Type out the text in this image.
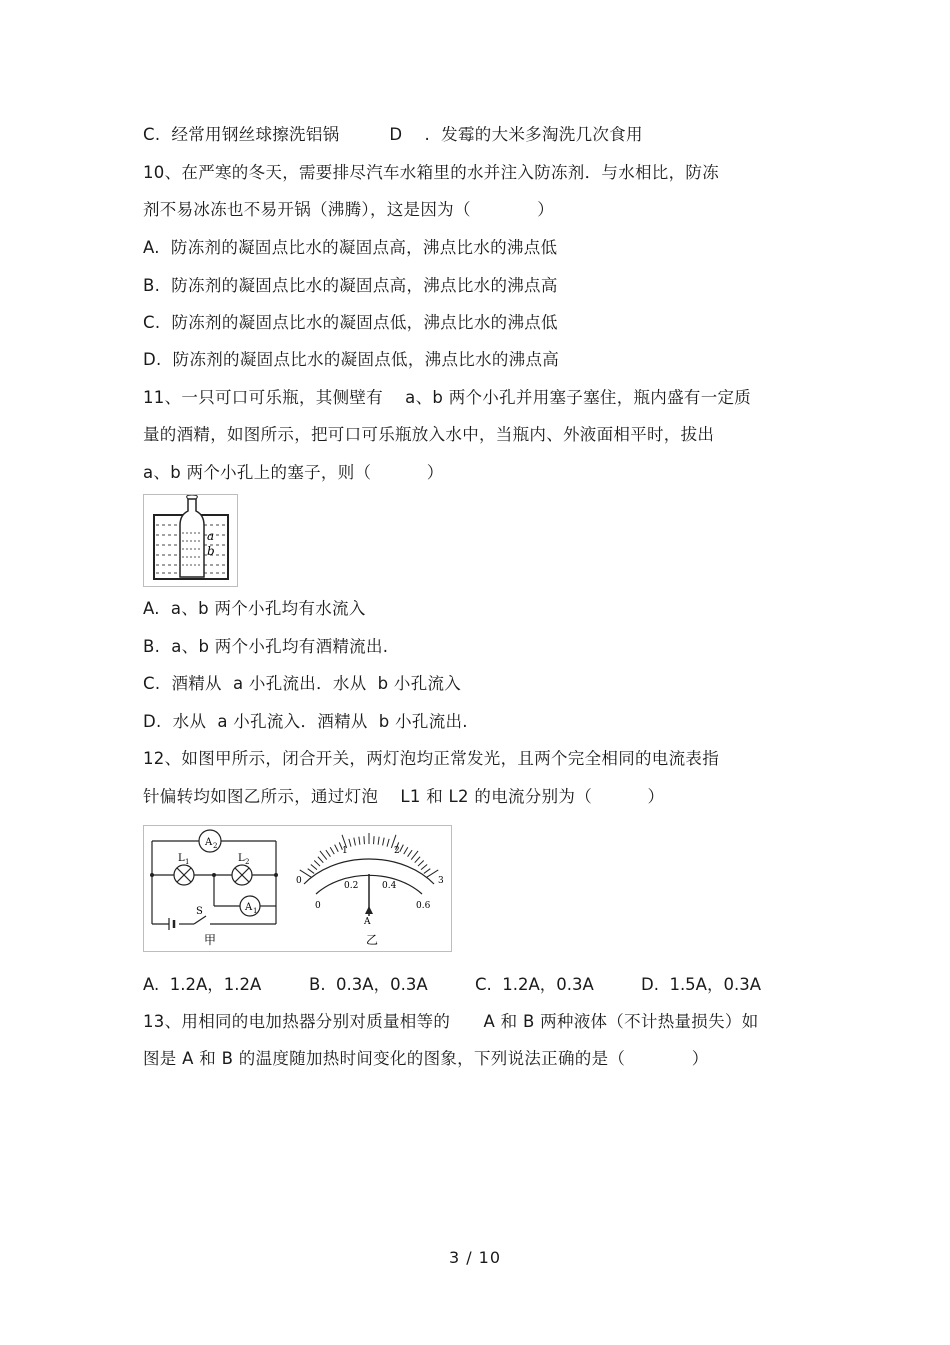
C.  经常用钢丝球擦洗铝锅         D    .  发霉的大米多淘洗几次食用
10、在严寒的冬天，需要排尽汽车水箱里的水并注入防冻剂．与水相比，防冻
剂不易冰冻也不易开锅（沸腾），这是因为（            ）
A.  防冻剂的凝固点比水的凝固点高，沸点比水的沸点低
B.  防冻剂的凝固点比水的凝固点高，沸点比水的沸点高
C.  防冻剂的凝固点比水的凝固点低，沸点比水的沸点低
D.  防冻剂的凝固点比水的凝固点低，沸点比水的沸点高
11、一只可口可乐瓶，其侧壁有    a、b 两个小孔并用塞子塞住，瓶内盛有一定质
量的酒精，如图所示，把可口可乐瓶放入水中，当瓶内、外液面相平时，拔出
a、b 两个小孔上的塞子，则（          ）
a
b
A.  a、b 两个小孔均有水流入
B.  a、b 两个小孔均有酒精流出.
C.  酒精从  a 小孔流出．水从  b 小孔流入
D.  水从  a 小孔流入．酒精从  b 小孔流出.
12、如图甲所示，闭合开关，两灯泡均正常发光，且两个完全相同的电流表指
针偏转均如图乙所示，通过灯泡    L1 和 L2 的电流分别为（          ）
A 2
A 1
L 1	L 2
S
甲
0
1	2
3
0
0.2	0.4
0.6
A
乙

A.  1.2A，1.2A

	B.  0.3A，0.3A

	C.  1.2A，0.3A

	D.  1.5A，0.3A

13、用相同的电加热器分别对质量相等的      A 和 B 两种液体（不计热量损失）如
图是 A 和 B 的温度随加热时间变化的图象，下列说法正确的是（            ）
3 / 10
